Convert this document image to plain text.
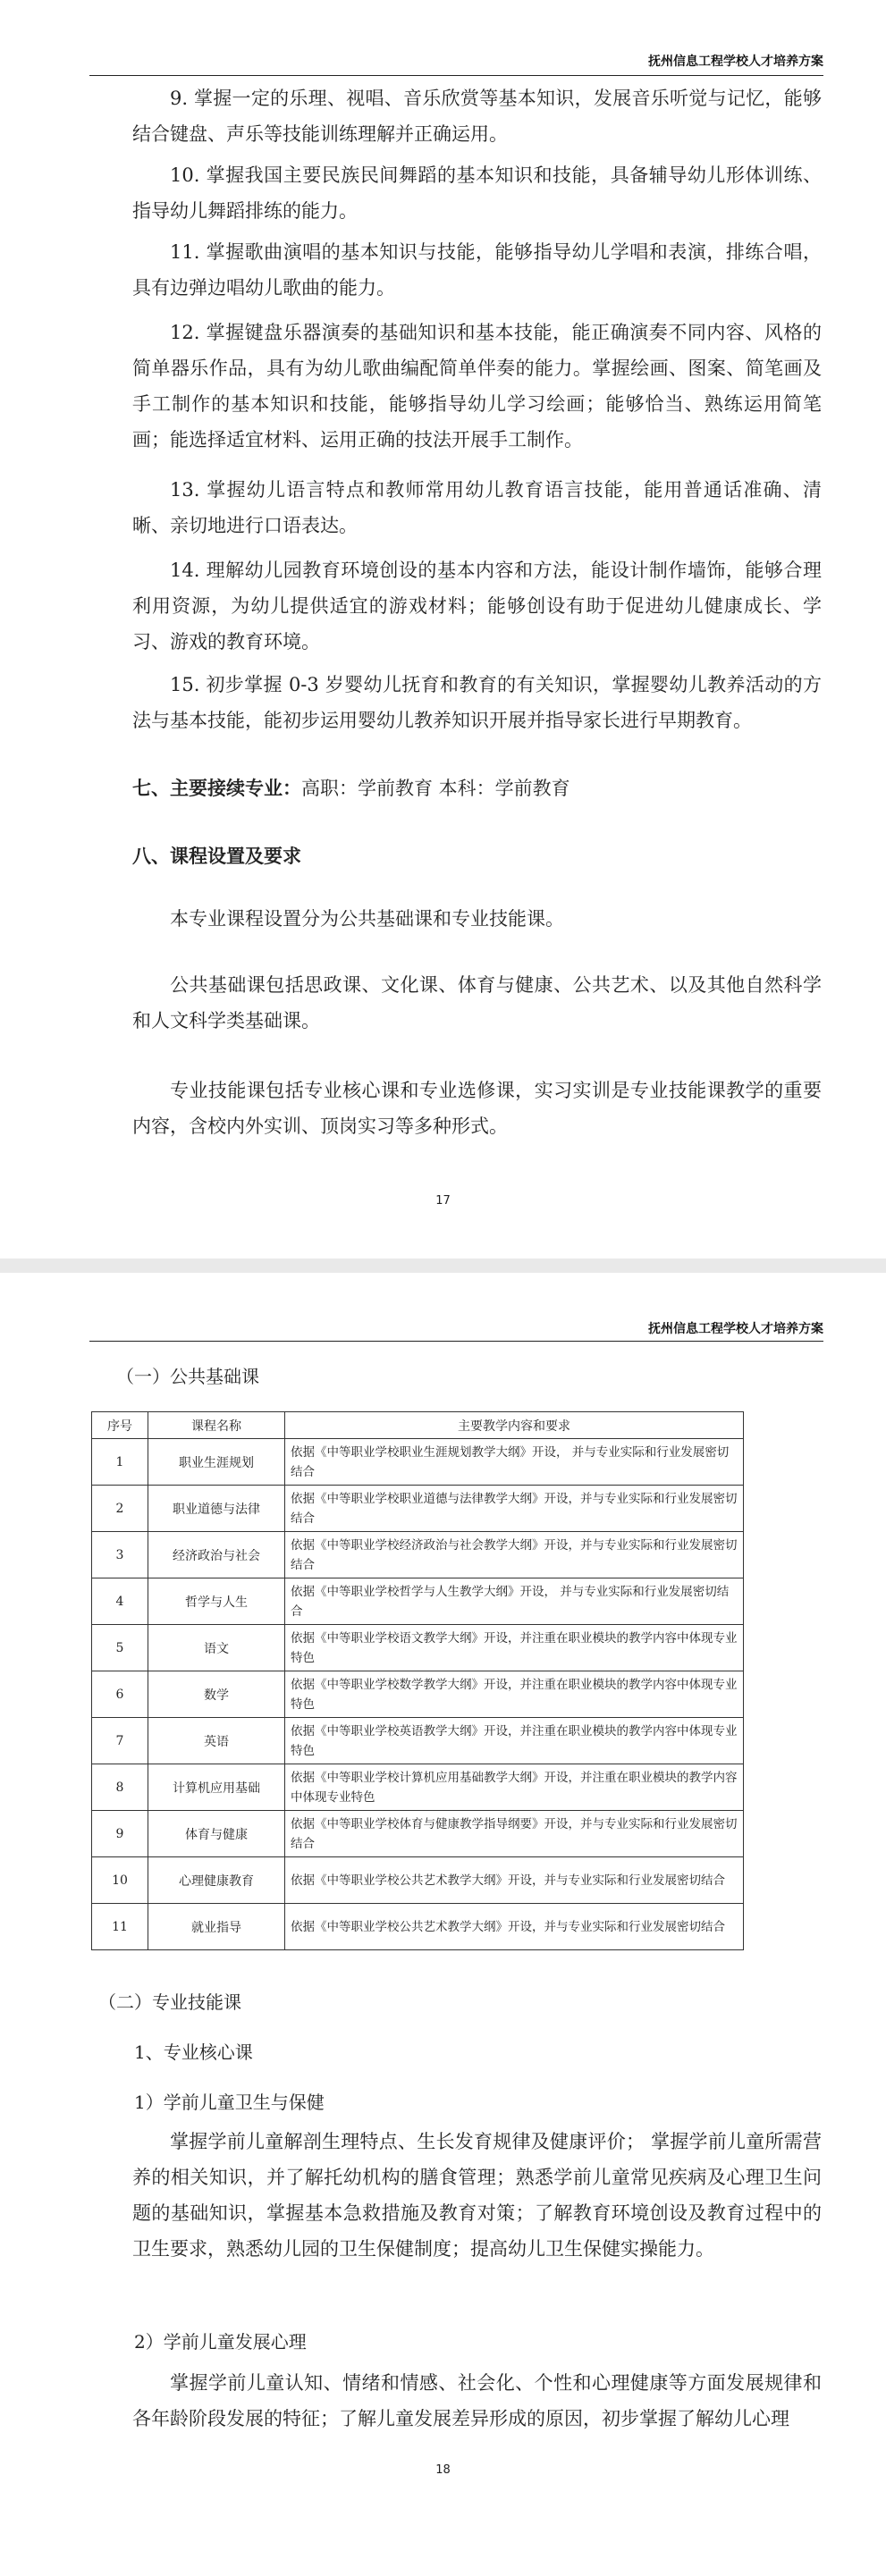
抚州信息工程学校人才培养方案

9. 掌握一定的乐理、视唱、音乐欣赏等基本知识，发展音乐听觉与记忆，能够结合键盘、声乐等技能训练理解并正确运用。

10. 掌握我国主要民族民间舞蹈的基本知识和技能，具备辅导幼儿形体训练、指导幼儿舞蹈排练的能力。

11. 掌握歌曲演唱的基本知识与技能，能够指导幼儿学唱和表演，排练合唱， 具有边弹边唱幼儿歌曲的能力。

12. 掌握键盘乐器演奏的基础知识和基本技能，能正确演奏不同内容、风格的简单器乐作品，具有为幼儿歌曲编配简单伴奏的能力。掌握绘画、图案、简笔画及手工制作的基本知识和技能，能够指导幼儿学习绘画；能够恰当、熟练运用简笔画；能选择适宜材料、运用正确的技法开展手工制作。

13. 掌握幼儿语言特点和教师常用幼儿教育语言技能，能用普通话准确、清晰、亲切地进行口语表达。

14. 理解幼儿园教育环境创设的基本内容和方法，能设计制作墙饰，能够合理利用资源，为幼儿提供适宜的游戏材料；能够创设有助于促进幼儿健康成长、学习、游戏的教育环境。

15. 初步掌握 0-3 岁婴幼儿抚育和教育的有关知识，掌握婴幼儿教养活动的方法与基本技能，能初步运用婴幼儿教养知识开展并指导家长进行早期教育。

七、主要接续专业：高职：学前教育 本科：学前教育
八、课程设置及要求

本专业课程设置分为公共基础课和专业技能课。

公共基础课包括思政课、文化课、体育与健康、公共艺术、以及其他自然科学和人文科学类基础课。

专业技能课包括专业核心课和专业选修课，实习实训是专业技能课教学的重要内容，含校内外实训、顶岗实习等多种形式。

17
抚州信息工程学校人才培养方案
（一）公共基础课
序号	课程名称	主要教学内容和要求
1	职业生涯规划	依据《中等职业学校职业生涯规划教学大纲》开设， 并与专业实际和行业发展密切结合
2	职业道德与法律	依据《中等职业学校职业道德与法律教学大纲》开设，并与专业实际和行业发展密切结合
3	经济政治与社会	依据《中等职业学校经济政治与社会教学大纲》开设，并与专业实际和行业发展密切结合
4	哲学与人生	依据《中等职业学校哲学与人生教学大纲》开设， 并与专业实际和行业发展密切结合
5	语文	依据《中等职业学校语文教学大纲》开设，并注重在职业模块的教学内容中体现专业特色
6	数学	依据《中等职业学校数学教学大纲》开设，并注重在职业模块的教学内容中体现专业特色
7	英语	依据《中等职业学校英语教学大纲》开设，并注重在职业模块的教学内容中体现专业特色
8	计算机应用基础	依据《中等职业学校计算机应用基础教学大纲》开设，并注重在职业模块的教学内容中体现专业特色
9	体育与健康	依据《中等职业学校体育与健康教学指导纲要》开设，并与专业实际和行业发展密切结合
10	心理健康教育	依据《中等职业学校公共艺术教学大纲》开设，并与专业实际和行业发展密切结合
11	就业指导	依据《中等职业学校公共艺术教学大纲》开设，并与专业实际和行业发展密切结合
（二）专业技能课
1、专业核心课
1）学前儿童卫生与保健

掌握学前儿童解剖生理特点、生长发育规律及健康评价； 掌握学前儿童所需营养的相关知识，并了解托幼机构的膳食管理；熟悉学前儿童常见疾病及心理卫生问题的基础知识，掌握基本急救措施及教育对策；了解教育环境创设及教育过程中的卫生要求，熟悉幼儿园的卫生保健制度；提高幼儿卫生保健实操能力。

2）学前儿童发展心理

掌握学前儿童认知、情绪和情感、社会化、个性和心理健康等方面发展规律和各年龄阶段发展的特征；了解儿童发展差异形成的原因，初步掌握了解幼儿心理

18
